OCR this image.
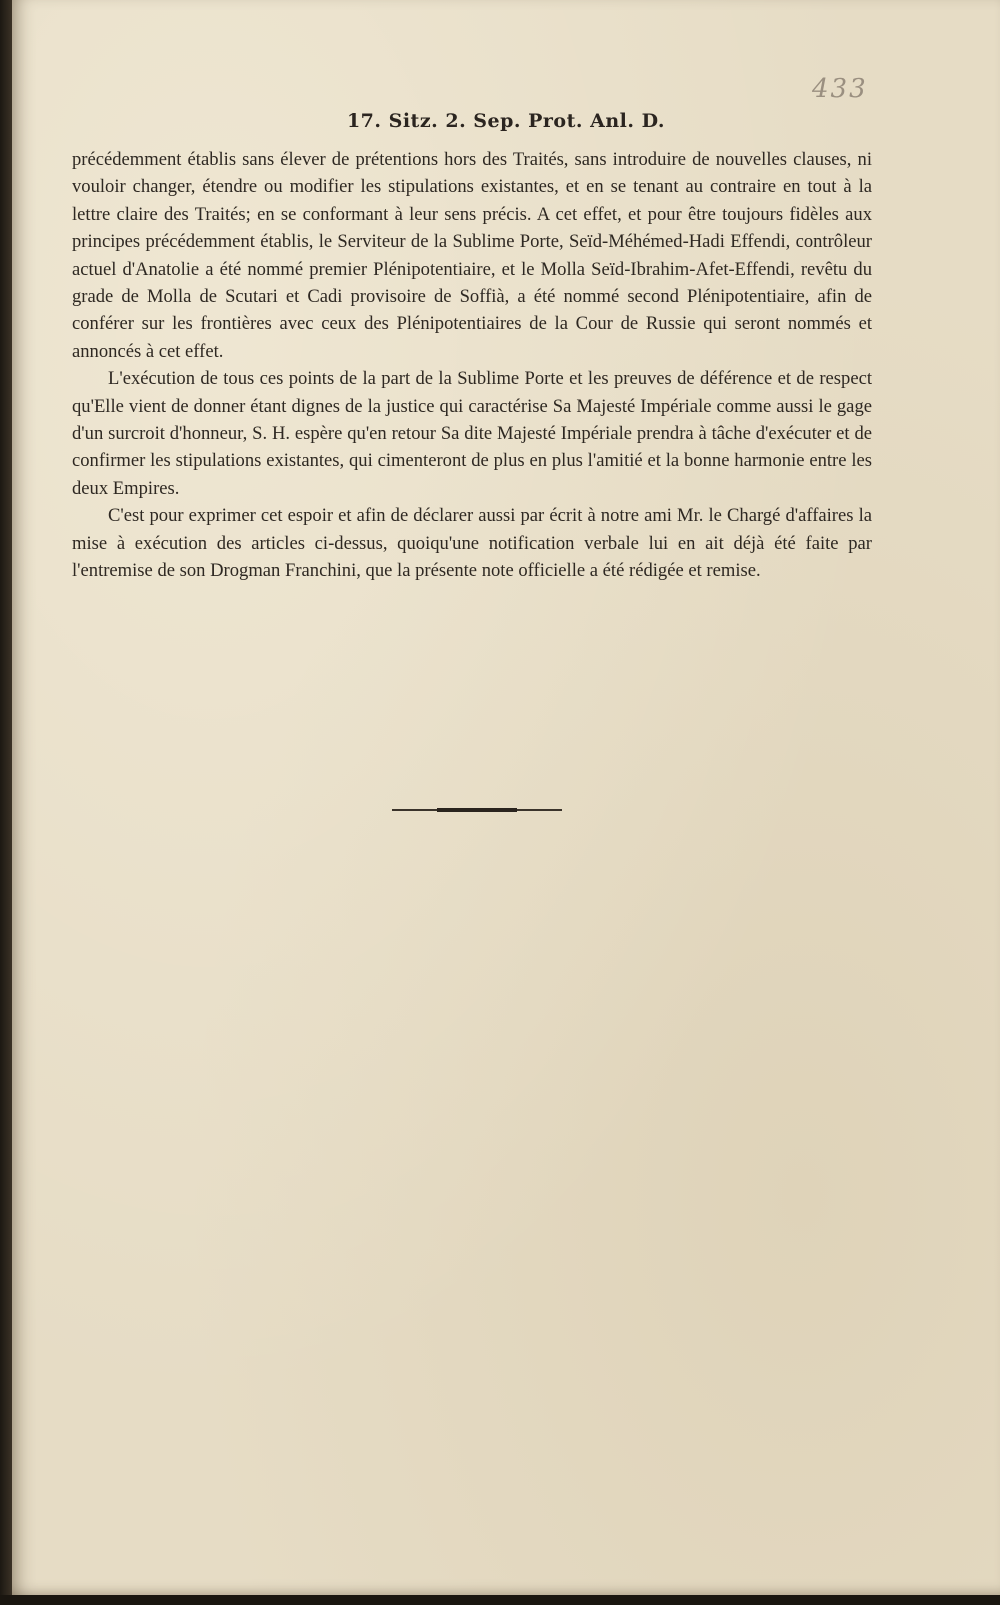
433
17. Sitz. 2. Sep. Prot. Anl. D.

précédemment établis sans élever de prétentions hors des Traités, sans introduire de nouvelles clauses, ni vouloir changer, étendre ou modifier les stipulations existantes, et en se tenant au contraire en tout à la lettre claire des Traités; en se conformant à leur sens précis. A cet effet, et pour être toujours fidèles aux principes précédemment établis, le Serviteur de la Sublime Porte, Seïd-Méhémed-Hadi Effendi, contrôleur actuel d'Anatolie a été nommé premier Plénipotentiaire, et le Molla Seïd-Ibrahim-Afet-Effendi, revêtu du grade de Molla de Scutari et Cadi provisoire de Soffià, a été nommé second Plénipotentiaire, afin de conférer sur les frontières avec ceux des Plénipotentiaires de la Cour de Russie qui seront nommés et annoncés à cet effet.

L'exécution de tous ces points de la part de la Sublime Porte et les preuves de déférence et de respect qu'Elle vient de donner étant dignes de la justice qui caractérise Sa Majesté Impériale comme aussi le gage d'un surcroit d'honneur, S. H. espère qu'en retour Sa dite Majesté Impériale prendra à tâche d'exécuter et de confirmer les stipulations existantes, qui cimenteront de plus en plus l'amitié et la bonne harmonie entre les deux Empires.

C'est pour exprimer cet espoir et afin de déclarer aussi par écrit à notre ami Mr. le Chargé d'affaires la mise à exécution des articles ci-dessus, quoiqu'une notification verbale lui en ait déjà été faite par l'entremise de son Drogman Franchini, que la présente note officielle a été rédigée et remise.
